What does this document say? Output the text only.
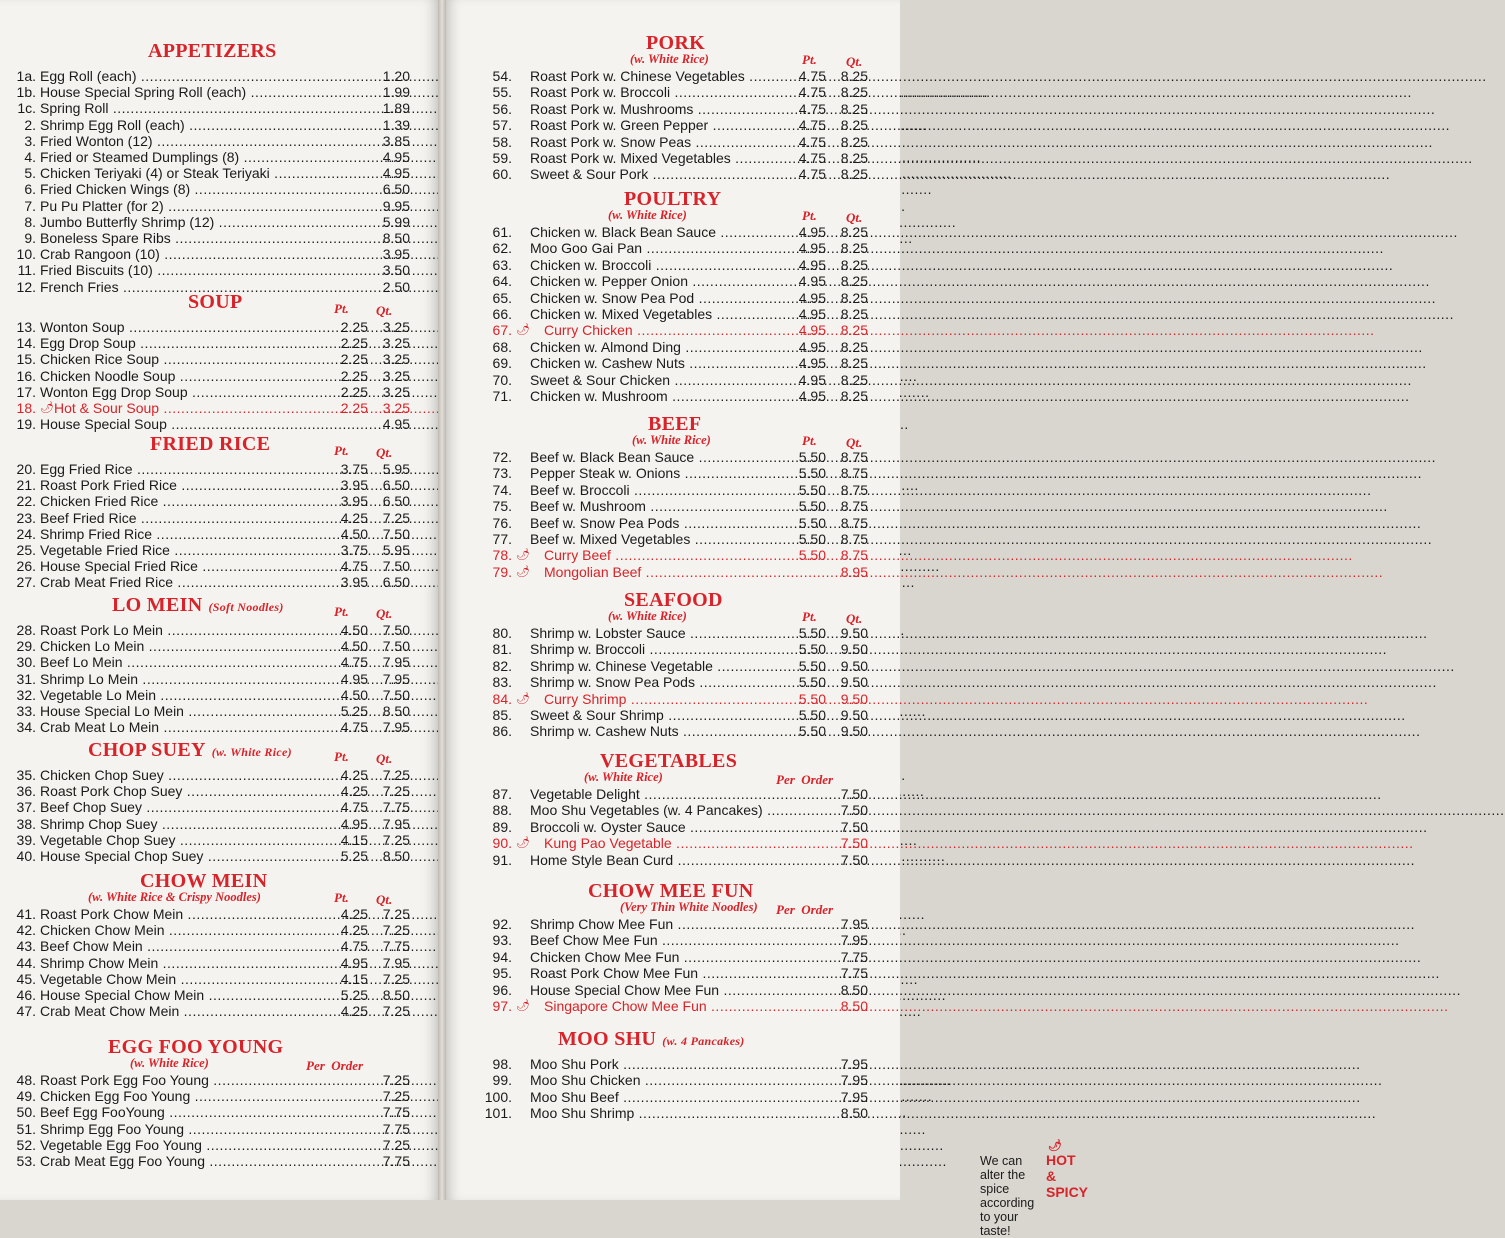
APPETIZERS
1a. Egg Roll (each) .....	1.20
1b. House Special Spring Roll (each) .....	1.99
1c. Spring Roll .....	1.89
2. Shrimp Egg Roll (each) .....	1.39
3. Fried Wonton (12) .....	3.85
4. Fried or Steamed Dumplings (8) .....	4.95
5. Chicken Teriyaki (4) or Steak Teriyaki .....	4.95
6. Fried Chicken Wings (8) .....	6.50
7. Pu Pu Platter (for 2) .....	9.95
8. Jumbo Butterfly Shrimp (12) .....	5.99
9. Boneless Spare Ribs .....	8.50
10. Crab Rangoon (10) .....	3.95
11. Fried Biscuits (10) .....	3.50
12. French Fries .....	2.50
SOUP	Pt. Qt.
13. Wonton Soup .....	2.25	3.25
14. Egg Drop Soup .....	2.25	3.25
15. Chicken Rice Soup .....	2.25	3.25
16. Chicken Noodle Soup .....	2.25	3.25
17. Wonton Egg Drop Soup .....	2.25	3.25
18. 🌶 Hot & Sour Soup .....	2.25	3.25
19. House Special Soup .....	4.95
FRIED RICE	Pt. Qt.
20. Egg Fried Rice .....	3.75	5.95
21. Roast Pork Fried Rice .....	3.95	6.50
22. Chicken Fried Rice .....	3.95	6.50
23. Beef Fried Rice .....	4.25	7.25
24. Shrimp Fried Rice .....	4.50	7.50
25. Vegetable Fried Rice .....	3.75	5.95
26. House Special Fried Rice .....	4.75	7.50
27. Crab Meat Fried Rice .....	3.95	6.50
LO MEIN (Soft Noodles)	Pt. Qt.
28. Roast Pork Lo Mein .....	4.50	7.50
29. Chicken Lo Mein .....	4.50	7.50
30. Beef Lo Mein .....	4.75	7.95
31. Shrimp Lo Mein .....	4.95	7.95
32. Vegetable Lo Mein .....	4.50	7.50
33. House Special Lo Mein .....	5.25	8.50
34. Crab Meat Lo Mein .....	4.75	7.95
CHOP SUEY (w. White Rice)	Pt. Qt.
35. Chicken Chop Suey .....	4.25	7.25
36. Roast Pork Chop Suey .....	4.25	7.25
37. Beef Chop Suey .....	4.75	7.75
38. Shrimp Chop Suey .....	4.95	7.95
39. Vegetable Chop Suey .....	4.15	7.25
40. House Special Chop Suey .....	5.25	8.50
CHOW MEIN
(w. White Rice & Crispy Noodles)	Pt. Qt.
41. Roast Pork Chow Mein .....	4.25	7.25
42. Chicken Chow Mein .....	4.25	7.25
43. Beef Chow Mein .....	4.75	7.75
44. Shrimp Chow Mein .....	4.95	7.95
45. Vegetable Chow Mein .....	4.15	7.25
46. House Special Chow Mein .....	5.25	8.50
47. Crab Meat Chow Mein .....	4.25	7.25
EGG FOO YOUNG
(w. White Rice)	Per  Order
48. Roast Pork Egg Foo Young .....	7.25
49. Chicken Egg Foo Young .....	7.25
50. Beef Egg FooYoung .....	7.75
51. Shrimp Egg Foo Young .....	7.75
52. Vegetable Egg Foo Young .....	7.25
53. Crab Meat Egg Foo Young .....	7.75
PORK
(w. White Rice)	Pt. Qt.
54. Roast Pork w. Chinese Vegetables .....	4.75	8.25
55. Roast Pork w. Broccoli .....	4.75	8.25
56. Roast Pork w. Mushrooms .....	4.75	8.25
57. Roast Pork w. Green Pepper .....	4.75	8.25
58. Roast Pork w. Snow Peas .....	4.75	8.25
59. Roast Pork w. Mixed Vegetables .....	4.75	8.25
60. Sweet & Sour Pork .....	4.75	8.25
POULTRY
(w. White Rice)	Pt. Qt.
61. Chicken w. Black Bean Sauce .....	4.95	8.25
62. Moo Goo Gai Pan .....	4.95	8.25
63. Chicken w. Broccoli .....	4.95	8.25
64. Chicken w. Pepper Onion .....	4.95	8.25
65. Chicken w. Snow Pea Pod .....	4.95	8.25
66. Chicken w. Mixed Vegetables .....	4.95	8.25
67. 🌶 Curry Chicken .....	4.95	8.25
68. Chicken w. Almond Ding .....	4.95	8.25
69. Chicken w. Cashew Nuts .....	4.95	8.25
70. Sweet & Sour Chicken .....	4.95	8.25
71. Chicken w. Mushroom .....	4.95	8.25
BEEF
(w. White Rice)	Pt. Qt.
72. Beef w. Black Bean Sauce .....	5.50	8.75
73. Pepper Steak w. Onions .....	5.50	8.75
74. Beef w. Broccoli .....	5.50	8.75
75. Beef w. Mushroom .....	5.50	8.75
76. Beef w. Snow Pea Pods .....	5.50	8.75
77. Beef w. Mixed Vegetables .....	5.50	8.75
78. 🌶 Curry Beef .....	5.50	8.75
79. 🌶 Mongolian Beef .....	8.95
SEAFOOD
(w. White Rice)	Pt. Qt.
80. Shrimp w. Lobster Sauce .....	5.50	9.50
81. Shrimp w. Broccoli .....	5.50	9.50
82. Shrimp w. Chinese Vegetable .....	5.50	9.50
83. Shrimp w. Snow Pea Pods .....	5.50	9.50
84. 🌶 Curry Shrimp .....	5.50	9.50
85. Sweet & Sour Shrimp .....	5.50	9.50
86. Shrimp w. Cashew Nuts .....	5.50	9.50
VEGETABLES
(w. White Rice)	Per  Order
87. Vegetable Delight .....	7.50
88. Moo Shu Vegetables (w. 4 Pancakes) .....	7.50
89. Broccoli w. Oyster Sauce .....	7.50
90. 🌶 Kung Pao Vegetable .....	7.50
91. Home Style Bean Curd .....	7.50
CHOW MEE FUN
(Very Thin White Noodles) Per  Order
92. Shrimp Chow Mee Fun .....	7.95
93. Beef Chow Mee Fun .....	7.95
94. Chicken Chow Mee Fun .....	7.75
95. Roast Pork Chow Mee Fun .....	7.75
96. House Special Chow Mee Fun .....	8.50
97. 🌶 Singapore Chow Mee Fun .....	8.50
MOO SHU (w. 4 Pancakes)
98. Moo Shu Pork .....	7.95
99. Moo Shu Chicken .....	7.95
100. Moo Shu Beef .....	7.95
101. Moo Shu Shrimp .....	8.50
🌶HOT & SPICY
We can alter the spice according to your taste!
